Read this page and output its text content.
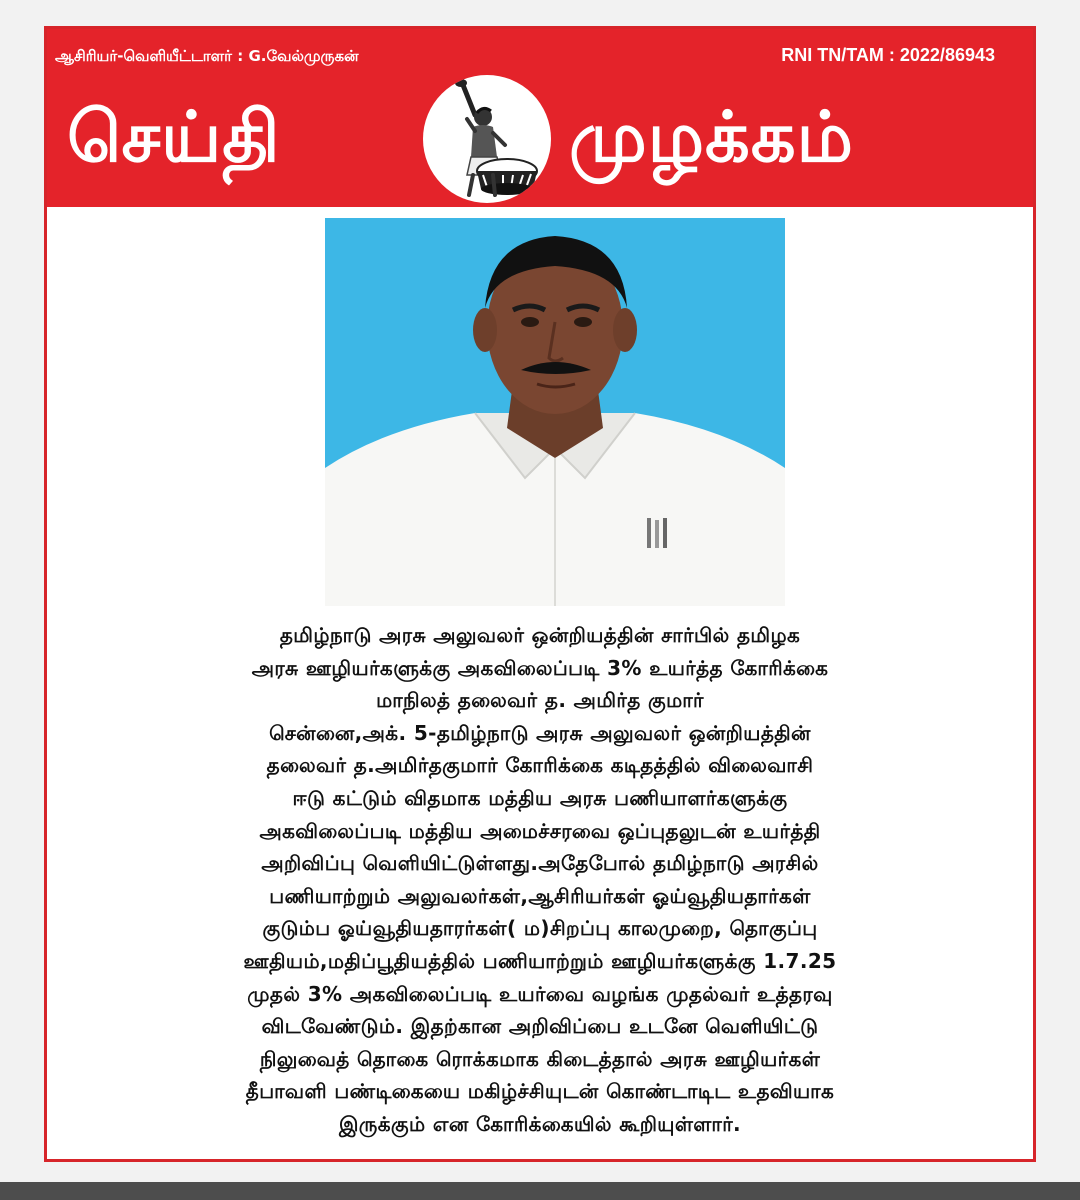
ஆசிரியர்-வெளியீட்டாளர் : G.வேல்முருகன்	RNI TN/TAM : 2022/86943
செய்தி	முழக்கம்
தமிழ்நாடு அரசு அலுவலர் ஒன்றியத்தின் சார்பில் தமிழக
அரசு ஊழியர்களுக்கு அகவிலைப்படி 3% உயர்த்த கோரிக்கை
மாநிலத் தலைவர் த. அமிர்த குமார்
சென்னை,அக். 5-தமிழ்நாடு அரசு அலுவலர் ஒன்றியத்தின்
தலைவர் த.அமிர்தகுமார் கோரிக்கை கடிதத்தில் விலைவாசி
ஈடு கட்டும் விதமாக மத்திய அரசு பணியாளர்களுக்கு
அகவிலைப்படி மத்திய அமைச்சரவை ஒப்புதலுடன் உயர்த்தி
அறிவிப்பு வெளியிட்டுள்ளது.அதேபோல் தமிழ்நாடு அரசில்
பணியாற்றும் அலுவலர்கள்,ஆசிரியர்கள் ஓய்வூதியதார்கள்
குடும்ப ஓய்வூதியதாரர்கள்( ம)சிறப்பு காலமுறை, தொகுப்பு
ஊதியம்,மதிப்பூதியத்தில் பணியாற்றும் ஊழியர்களுக்கு 1.7.25
முதல் 3% அகவிலைப்படி உயர்வை வழங்க முதல்வர் உத்தரவு
விடவேண்டும். இதற்கான அறிவிப்பை உடனே வெளியிட்டு
நிலுவைத் தொகை ரொக்கமாக கிடைத்தால் அரசு ஊழியர்கள்
தீபாவளி பண்டிகையை மகிழ்ச்சியுடன் கொண்டாடிட உதவியாக
இருக்கும் என கோரிக்கையில் கூறியுள்ளார்.
